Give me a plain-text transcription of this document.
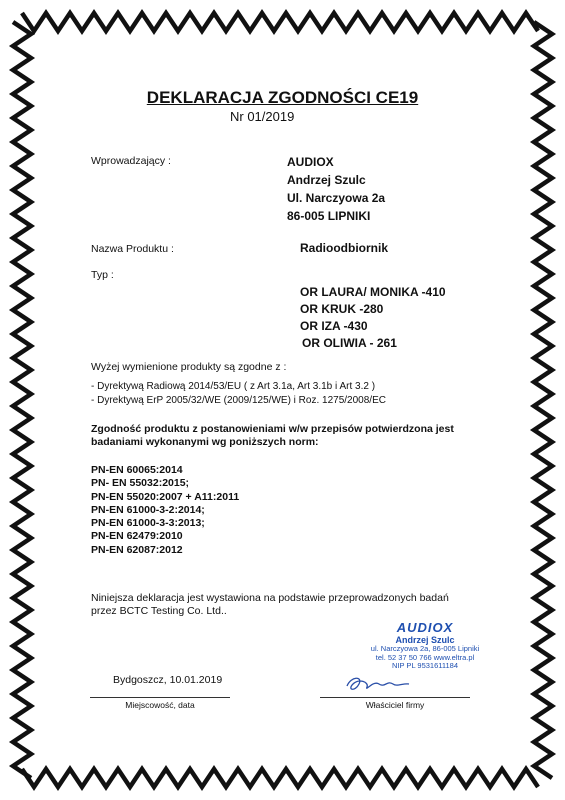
DEKLARACJA ZGODNOŚCI CE19
Nr 01/2019
Wprowadzający :	AUDIOX
Andrzej Szulc
Ul. Narczyowa 2a
86-005 LIPNIKI
Nazwa Produktu :	Radioodbiornik
Typ :
OR LAURA/ MONIKA -410
OR KRUK -280
OR IZA -430
OR OLIWIA - 261
Wyżej wymienione produkty są zgodne z :
- Dyrektywą Radiową 2014/53/EU ( z Art 3.1a, Art 3.1b i Art 3.2 )
- Dyrektywą ErP 2005/32/WE (2009/125/WE) i Roz. 1275/2008/EC
Zgodność produktu z postanowieniami w/w przepisów potwierdzona jest
badaniami wykonanymi wg poniższych norm:
PN-EN 60065:2014
PN- EN 55032:2015;
PN-EN 55020:2007 + A11:2011
PN-EN 61000-3-2:2014;
PN-EN 61000-3-3:2013;
PN-EN 62479:2010
PN-EN 62087:2012
Niniejsza deklaracja jest wystawiona na podstawie przeprowadzonych badań
przez BCTC Testing Co. Ltd..
AUDIOX
Andrzej Szulc
ul. Narczyowa 2a, 86-005 Lipniki
tel. 52 37 50 766 www.eltra.pl
NIP PL 9531611184
Bydgoszcz, 10.01.2019
Miejscowość, data	Właściciel firmy
